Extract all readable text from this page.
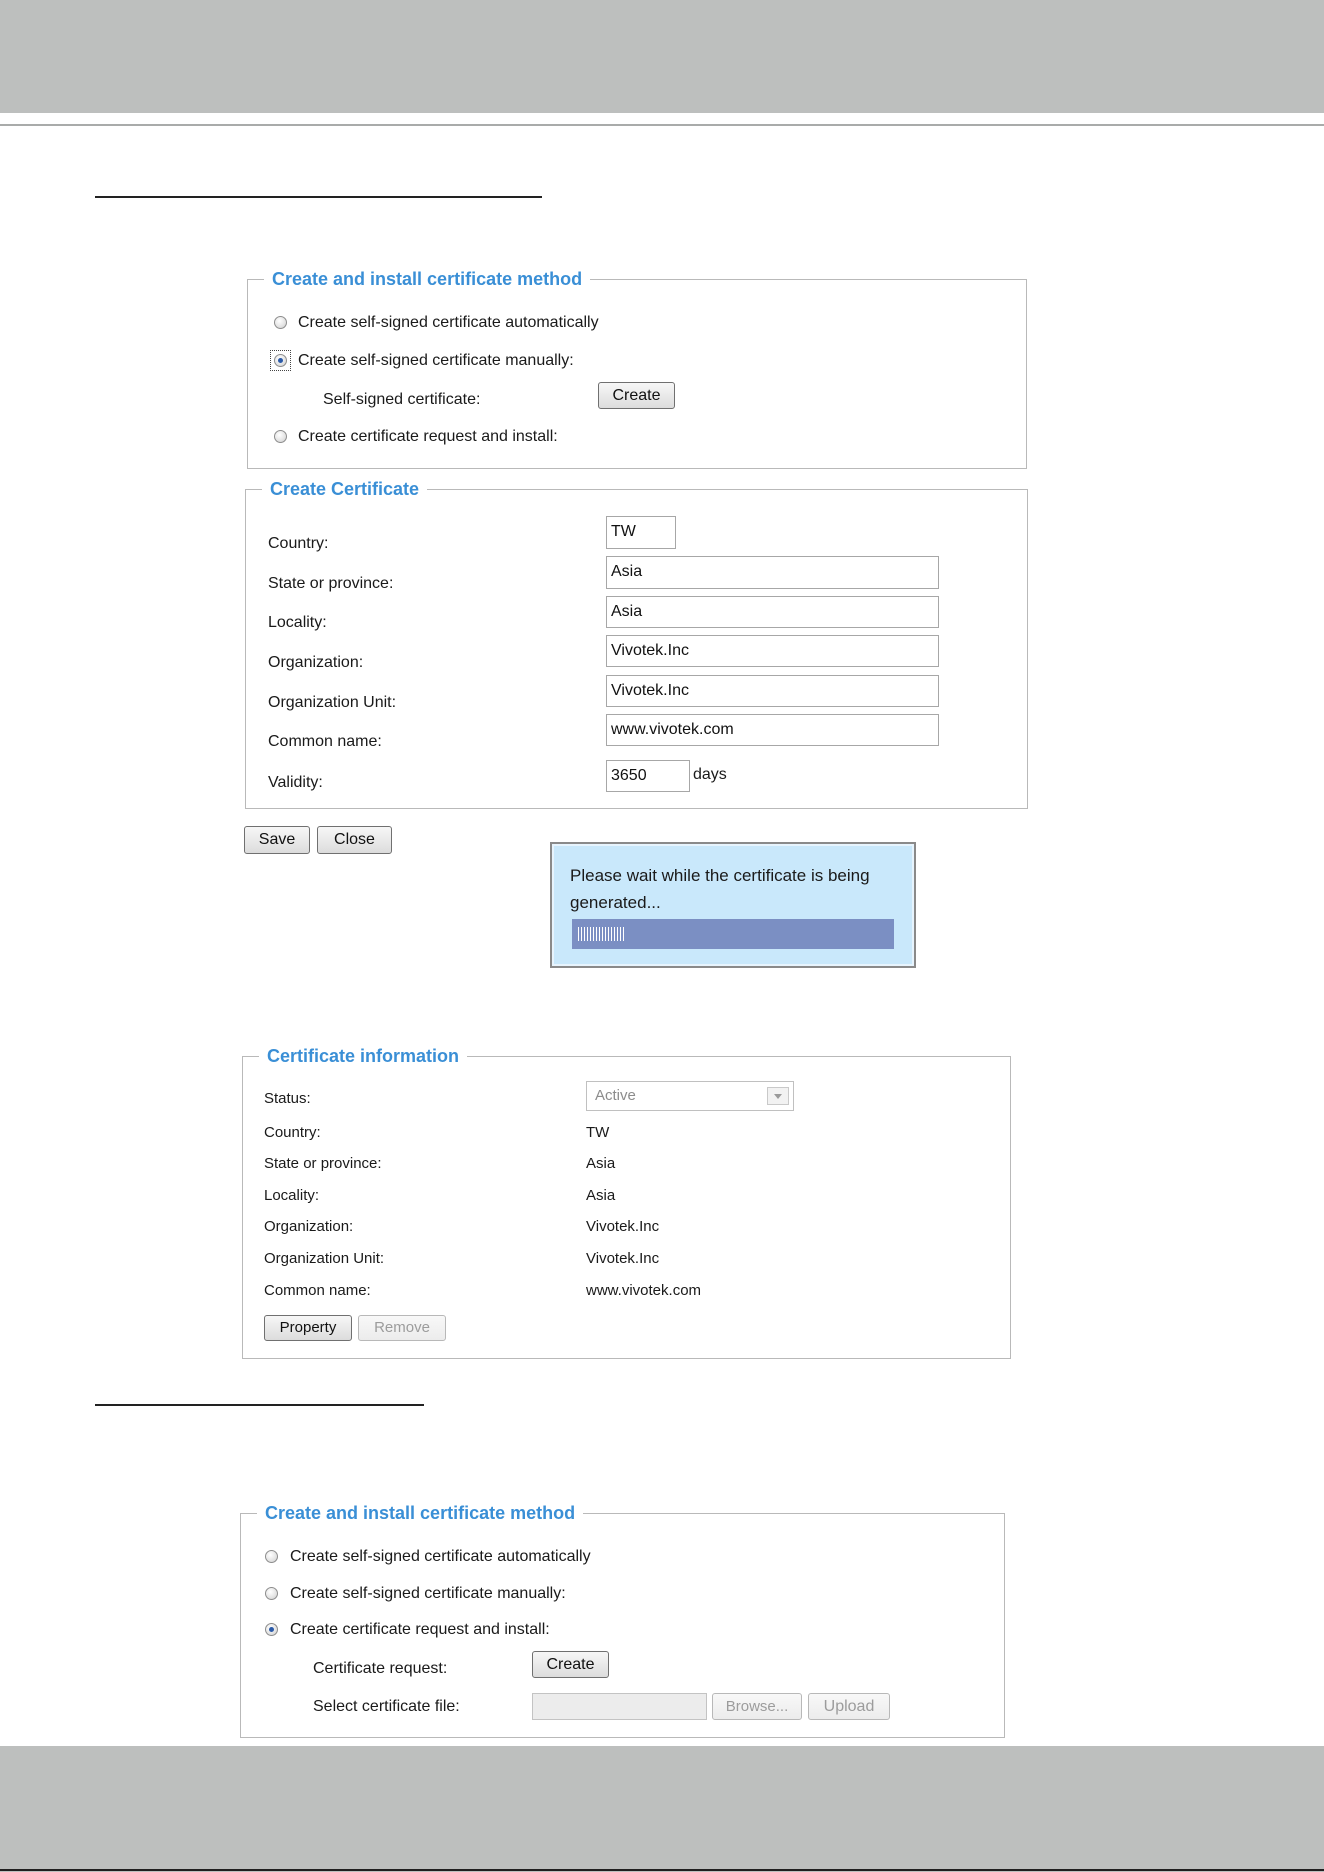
Create and install certificate method
Create self-signed certificate automatically
Create self-signed certificate manually:
Self-signed certificate:	Create
Create certificate request and install:
Create Certificate
Country:
TW
State or province:
Asia
Locality:
Asia
Organization:
Vivotek.Inc
Organization Unit:
Vivotek.Inc
Common name:
www.vivotek.com
Validity:	3650	days
Save	Close
Please wait while the certificate is being generated...
Certificate information
Status:	Active
Country:	TW
State or province:	Asia
Locality:	Asia
Organization:	Vivotek.Inc
Organization Unit:	Vivotek.Inc
Common name:	www.vivotek.com
Property	Remove
Create and install certificate method
Create self-signed certificate automatically
Create self-signed certificate manually:
Create certificate request and install:
Certificate request:	Create
Select certificate file:	Browse...	Upload
